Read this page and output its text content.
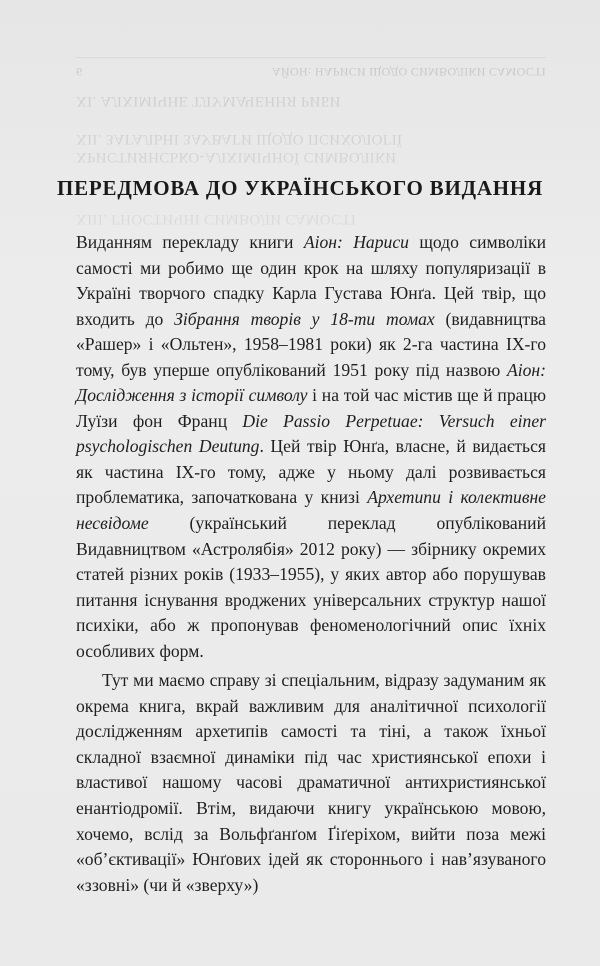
6	АЙОН: НАРИСИ ЩОДО СИМВОЛІКИ САМОСТІ
ХІ. АЛХІМІЧНЕ ТЛУМАЧЕННЯ РИБИ
ХІІ. ЗАГАЛЬНІ ЗАУВАГИ ЩОДО ПСИХОЛОГІЇ
ХРИСТИЯНСЬКО-АЛХІМІЧНОЇ СИМВОЛІКИ
ХІІІ. ГНОСТИЧНІ СИМВОЛИ САМОСТІ
ПЕРЕДМОВА ДО УКРАЇНСЬКОГО ВИДАННЯ

Виданням перекладу книги Аіон: Нариси щодо символіки самості ми робимо ще один крок на шляху популяризації в Україні творчого спадку Карла Густава Юнґа. Цей твір, що входить до Зібрання творів у 18-ти томах (видавництва «Рашер» і «Ольтен», 1958–1981 роки) як 2-га частина IX-го тому, був уперше опублікований 1951 року під назвою Аіон: Дослідження з історії символу і на той час містив ще й працю Луїзи фон Франц Die Passio Perpetuae: Versuch einer psychologischen Deutung. Цей твір Юнґа, власне, й видається як частина IX-го тому, адже у ньому далі розвивається проблематика, започаткована у книзі Архетипи і колективне несвідоме (український переклад опублікований Видавництвом «Астролябія» 2012 року) — збірнику окремих статей різних років (1933–1955), у яких автор або порушував питання існування вроджених універсальних структур нашої психіки, або ж пропонував феноменологічний опис їхніх особливих форм.

Тут ми маємо справу зі спеціальним, відразу задуманим як окрема книга, вкрай важливим для аналітичної психології дослідженням архетипів самості та тіні, а також їхньої складної взаємної динаміки під час християнської епохи і властивої нашому часові драматичної антихристиянської енантіодромії. Втім, видаючи книгу українською мовою, хочемо, вслід за Вольфґанґом Ґіґеріхом, вийти поза межі «об’єктивації» Юнґових ідей як стороннього і нав’язуваного «ззовні» (чи й «зверху»)
